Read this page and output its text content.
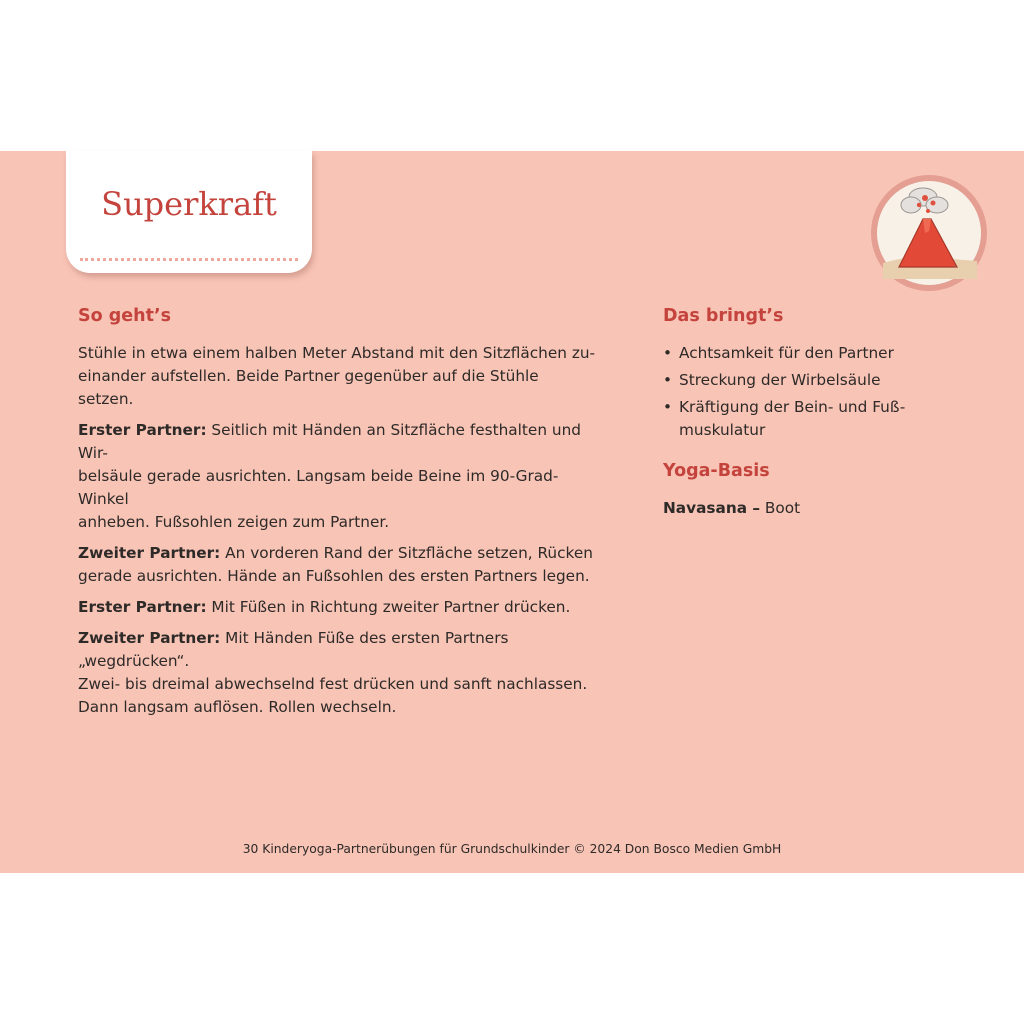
Superkraft
~
So geht’s

Stühle in etwa einem halben Meter Abstand mit den Sitzflächen zu-
einander aufstellen. Beide Partner gegenüber auf die Stühle setzen.

Erster Partner: Seitlich mit Händen an Sitzfläche festhalten und Wir-
belsäule gerade ausrichten. Langsam beide Beine im 90-Grad-Winkel
anheben. Fußsohlen zeigen zum Partner.

Zweiter Partner: An vorderen Rand der Sitzfläche setzen, Rücken
gerade ausrichten. Hände an Fußsohlen des ersten Partners legen.

Erster Partner: Mit Füßen in Richtung zweiter Partner drücken.

Zweiter Partner: Mit Händen Füße des ersten Partners „wegdrücken“.
Zwei- bis dreimal abwechselnd fest drücken und sanft nachlassen.
Dann langsam auflösen. Rollen wechseln.

Das bringt’s
• Achtsamkeit für den Partner
• Streckung der Wirbelsäule
• Kräftigung der Bein- und Fuß-
muskulatur
Yoga-Basis

Navasana – Boot

30 Kinderyoga-Partnerübungen für Grundschulkinder © 2024 Don Bosco Medien GmbH
